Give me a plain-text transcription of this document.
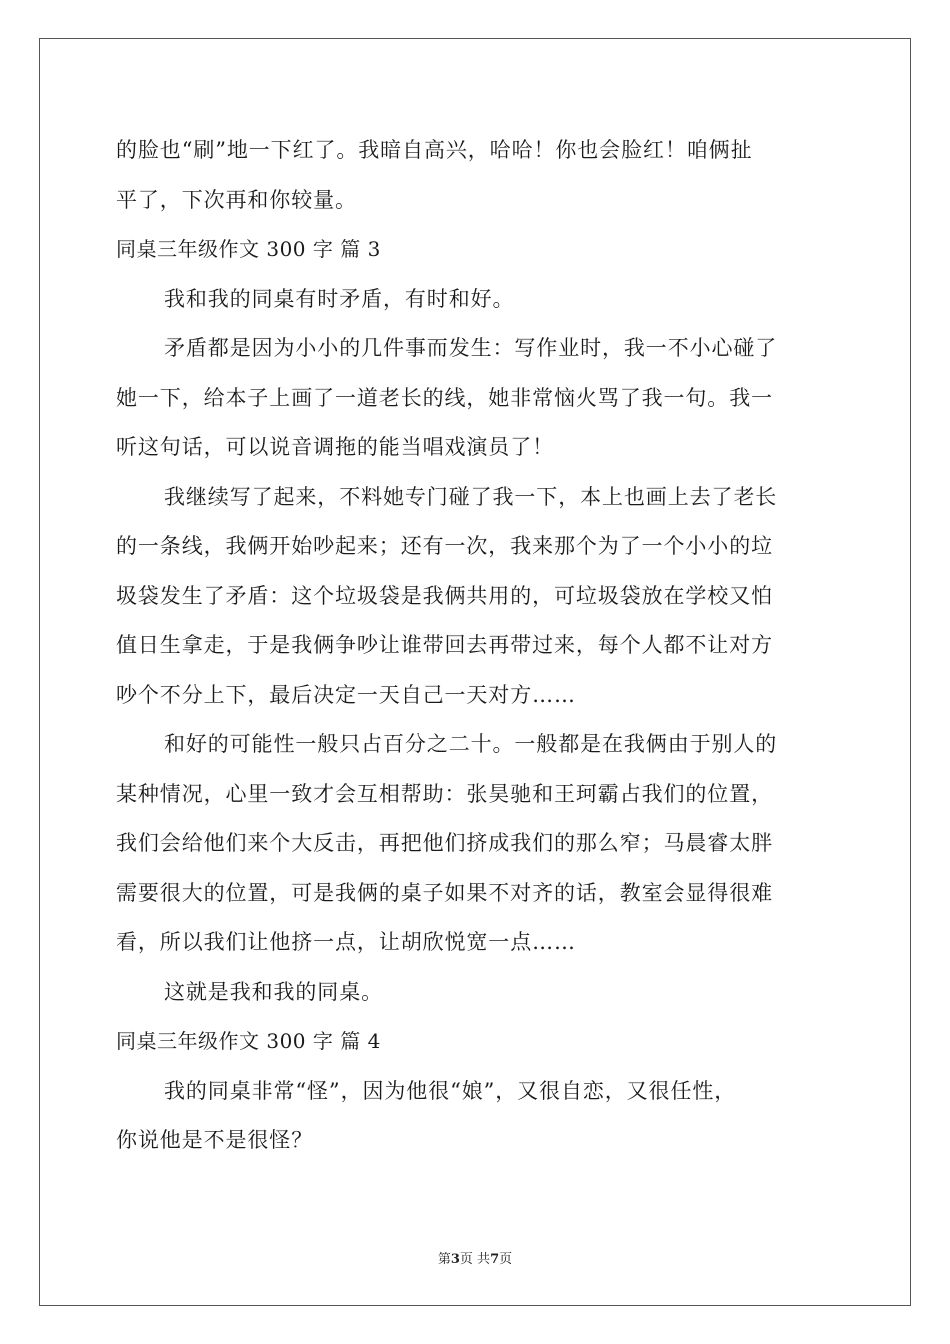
的脸也“刷”地一下红了。我暗自高兴，哈哈！你也会脸红！咱俩扯
平了，下次再和你较量。
同桌三年级作文 300 字 篇 3
我和我的同桌有时矛盾，有时和好。
矛盾都是因为小小的几件事而发生：写作业时，我一不小心碰了
她一下，给本子上画了一道老长的线，她非常恼火骂了我一句。我一
听这句话，可以说音调拖的能当唱戏演员了！
我继续写了起来，不料她专门碰了我一下，本上也画上去了老长
的一条线，我俩开始吵起来；还有一次，我来那个为了一个小小的垃
圾袋发生了矛盾：这个垃圾袋是我俩共用的，可垃圾袋放在学校又怕
值日生拿走，于是我俩争吵让谁带回去再带过来，每个人都不让对方
吵个不分上下，最后决定一天自己一天对方……
和好的可能性一般只占百分之二十。一般都是在我俩由于别人的
某种情况，心里一致才会互相帮助：张昊驰和王珂霸占我们的位置，
我们会给他们来个大反击，再把他们挤成我们的那么窄；马晨睿太胖
需要很大的位置，可是我俩的桌子如果不对齐的话，教室会显得很难
看，所以我们让他挤一点，让胡欣悦宽一点……
这就是我和我的同桌。
同桌三年级作文 300 字 篇 4
我的同桌非常“怪”，因为他很“娘”，又很自恋，又很任性，
你说他是不是很怪？
第3页 共7页
